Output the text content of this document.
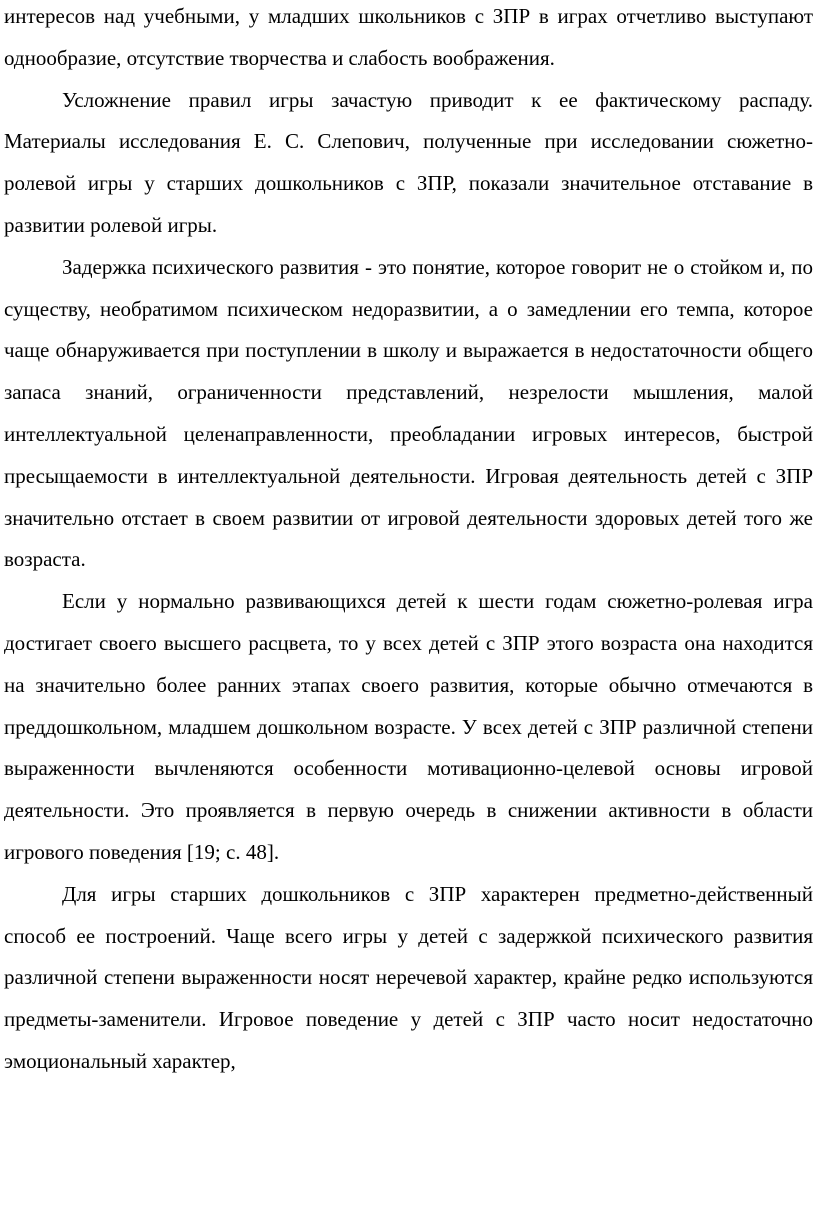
интересов над учебными, у младших школьников с ЗПР в играх отчетливо выступают однообразие, отсутствие творчества и слабость воображения.

Усложнение правил игры зачастую приводит к ее фактическому распаду. Материалы исследования Е. С. Слепович, полученные при исследовании сюжетно-ролевой игры у старших дошкольников с ЗПР, показали значительное отставание в развитии ролевой игры.

Задержка психического развития - это понятие, которое говорит не о стойком и, по существу, необратимом психическом недоразвитии, а о замедлении его темпа, которое чаще обнаруживается при поступлении в школу и выражается в недостаточности общего запаса знаний, ограниченности представлений, незрелости мышления, малой интеллектуальной целенаправленности, преобладании игровых интересов, быстрой пресыщаемости в интеллектуальной деятельности. Игровая деятельность детей с ЗПР значительно отстает в своем развитии от игровой деятельности здоровых детей того же возраста.

Если у нормально развивающихся детей к шести годам сюжетно-ролевая игра достигает своего высшего расцвета, то у всех детей с ЗПР этого возраста она находится на значительно более ранних этапах своего развития, которые обычно отмечаются в преддошкольном, младшем дошкольном возрасте. У всех детей с ЗПР различной степени выраженности вычленяются особенности мотивационно-целевой основы игровой деятельности. Это проявляется в первую очередь в снижении активности в области игрового поведения [19; с. 48].

Для игры старших дошкольников с ЗПР характерен предметно-действенный способ ее построений. Чаще всего игры у детей с задержкой психического развития различной степени выраженности носят неречевой характер, крайне редко используются предметы-заменители. Игровое поведение у детей с ЗПР часто носит недостаточно эмоциональный характер,
